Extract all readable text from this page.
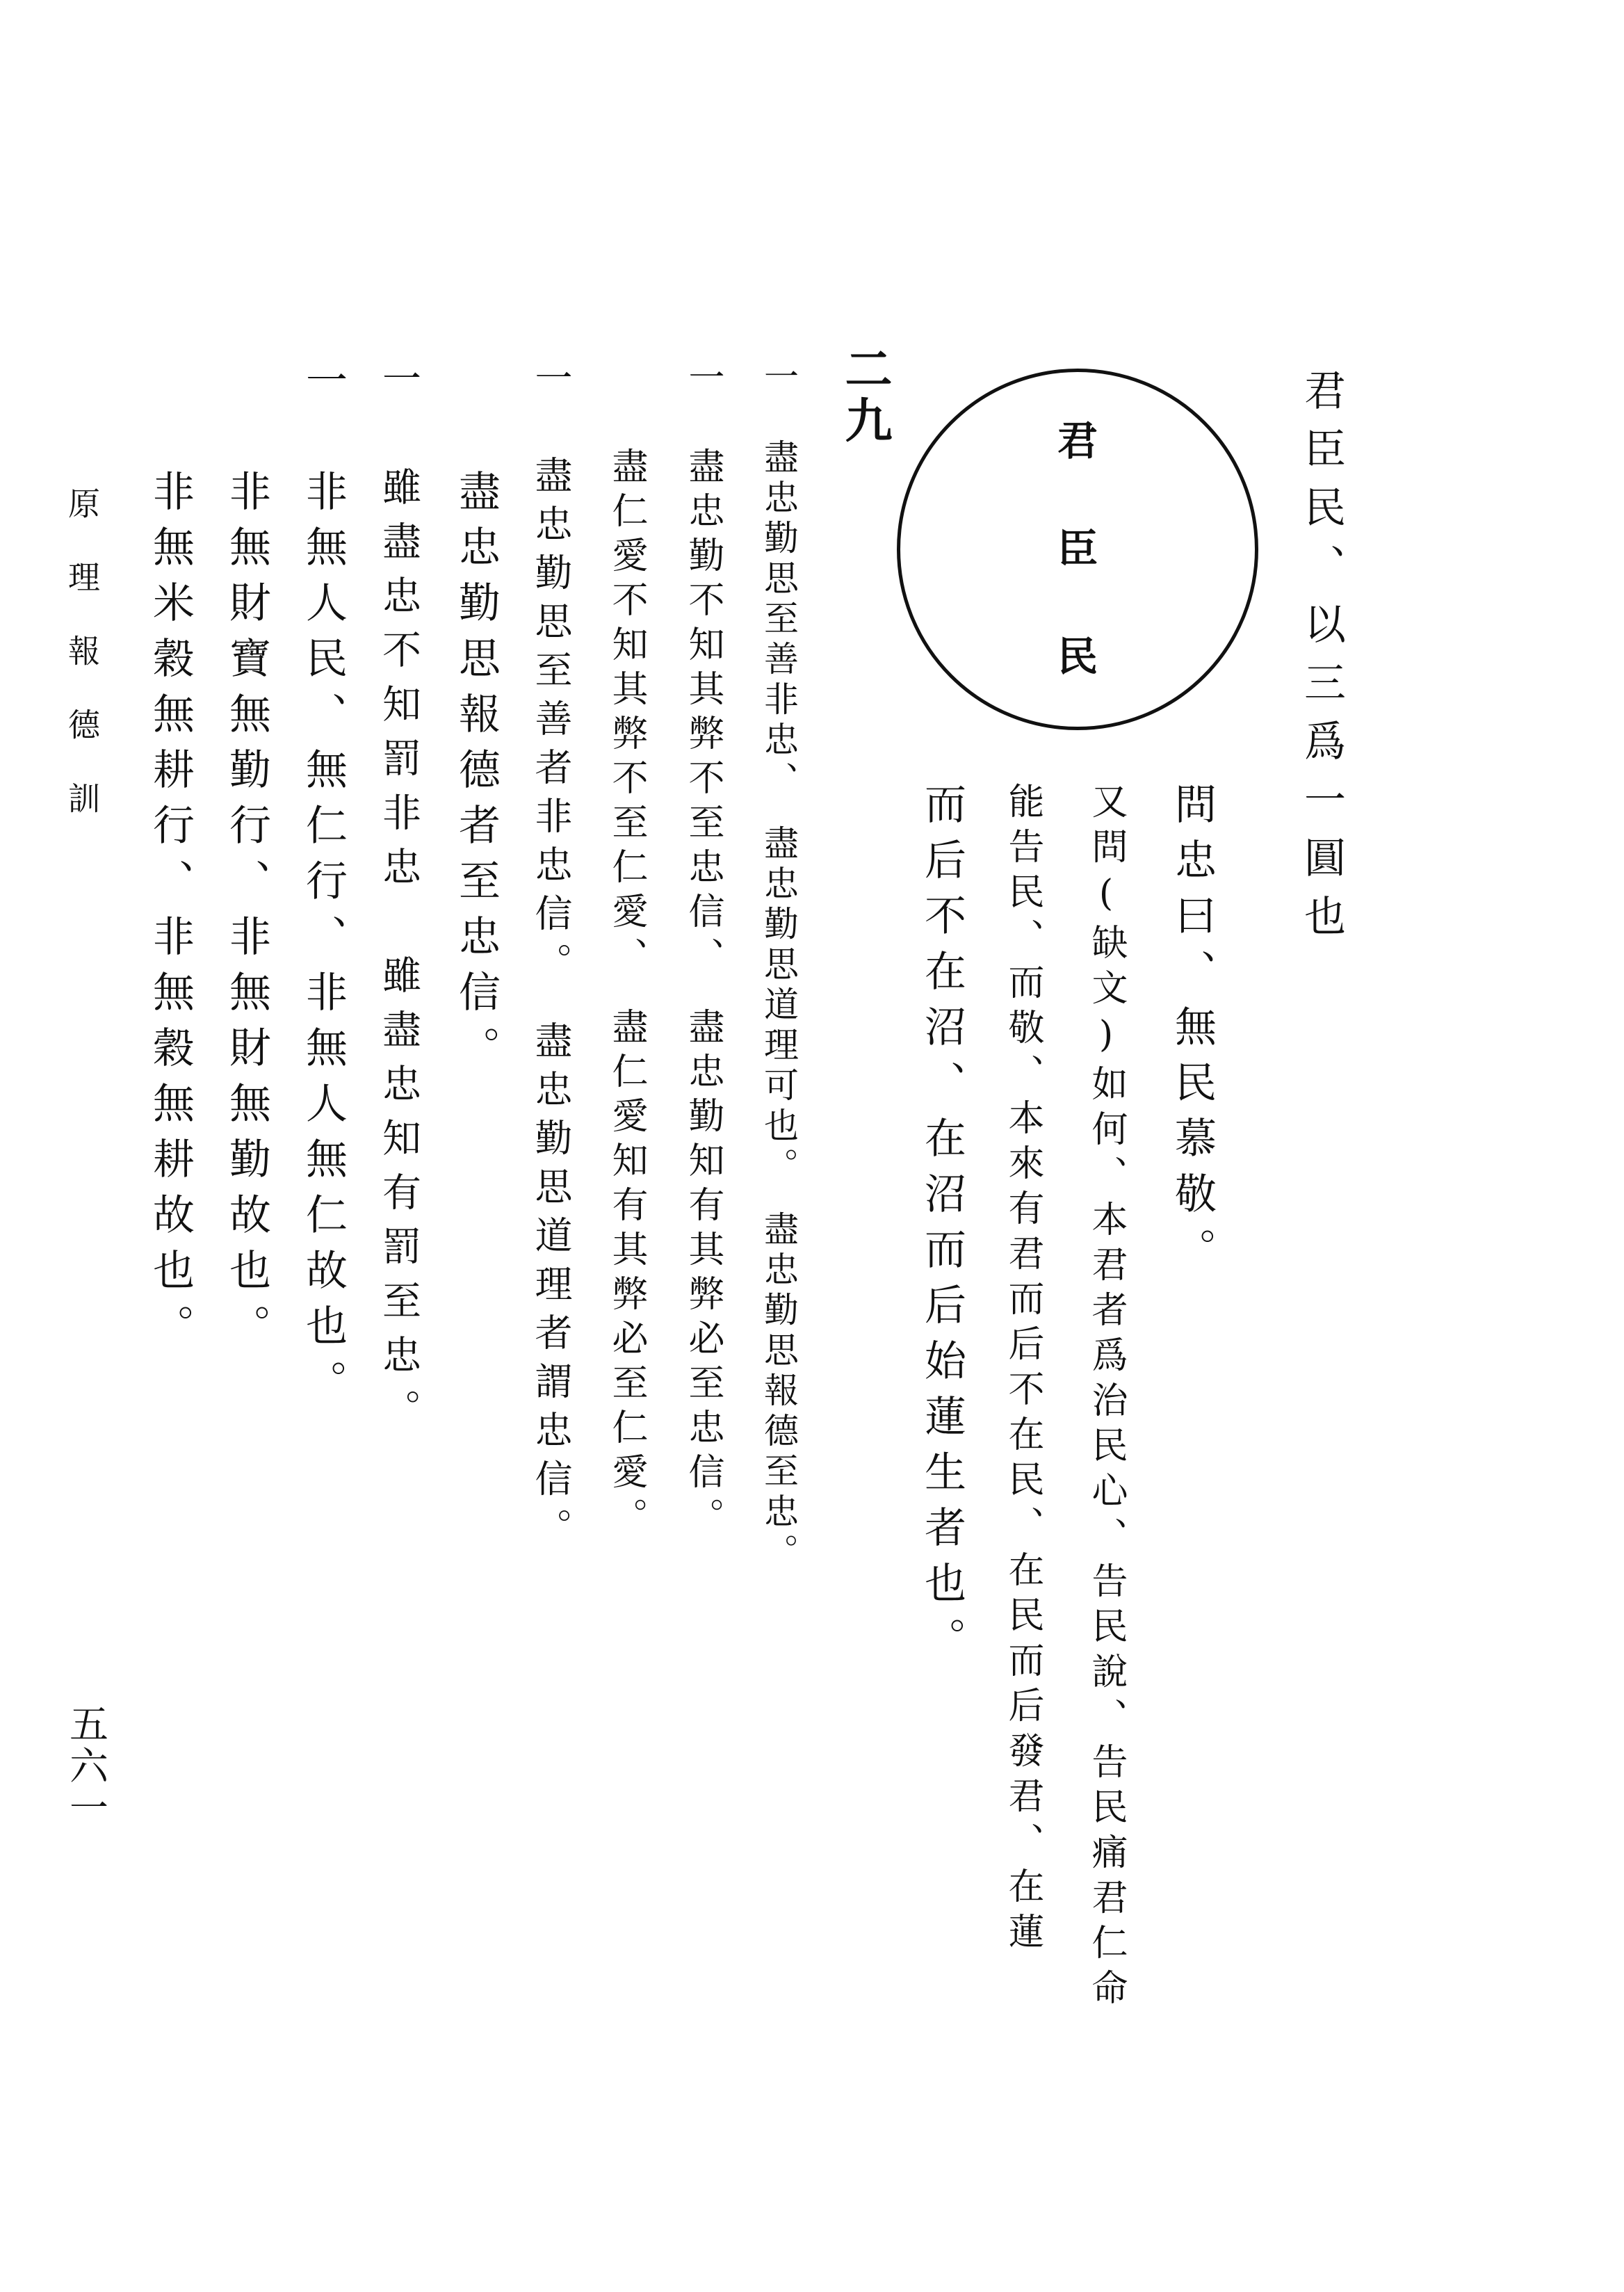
君臣民、以三爲一圓也
君
臣
民
問忠曰、無民慕敬。
又問(缺文)如何、本君者爲治民心、告民說、告民痛君仁命
能告民、而敬、本來有君而后不在民、在民而后發君、在蓮
而后不在沼、在沼而后始蓮生者也。
二九
一　盡忠勤思至善非忠、　盡忠勤思道理可也。　盡忠勤思報德至忠。
一　盡忠勤不知其弊不至忠信、　盡忠勤知有其弊必至忠信。
　　盡仁愛不知其弊不至仁愛、　盡仁愛知有其弊必至仁愛。
一　盡忠勤思至善者非忠信。　盡忠勤思道理者謂忠信。
　　盡忠勤思報德者至忠信。
一　雖盡忠不知罰非忠　雖盡忠知有罰至忠。
一　非無人民、無仁行、非無人無仁故也。
　　非無財寶無勤行、非無財無勤故也。
　　非無米穀無耕行、非無穀無耕故也。
原理報德訓
五六一
